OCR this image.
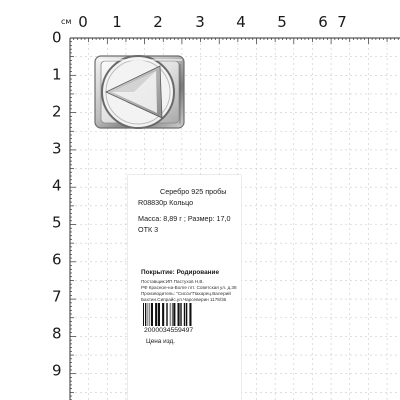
см 0 1 2 3 4 5 6 7
0
1
2
3
4
5
6
7
8
9
Серебро 925 пробы
R08830p Кольцо
Масса: 8,89 г ; Размер: 17,0
ОТК 3
Покрытие: Родирование
Поставщик:ИП Пастухов Н.В.
РФ Красное-на-Волге пгт. Советская ул. д.38
Производитель: "Сисси"Пахарец.Валерий
Бахтин.Сипрайс.ул.Чарсеверин 1178/36
2000034559497
Цена изд.
